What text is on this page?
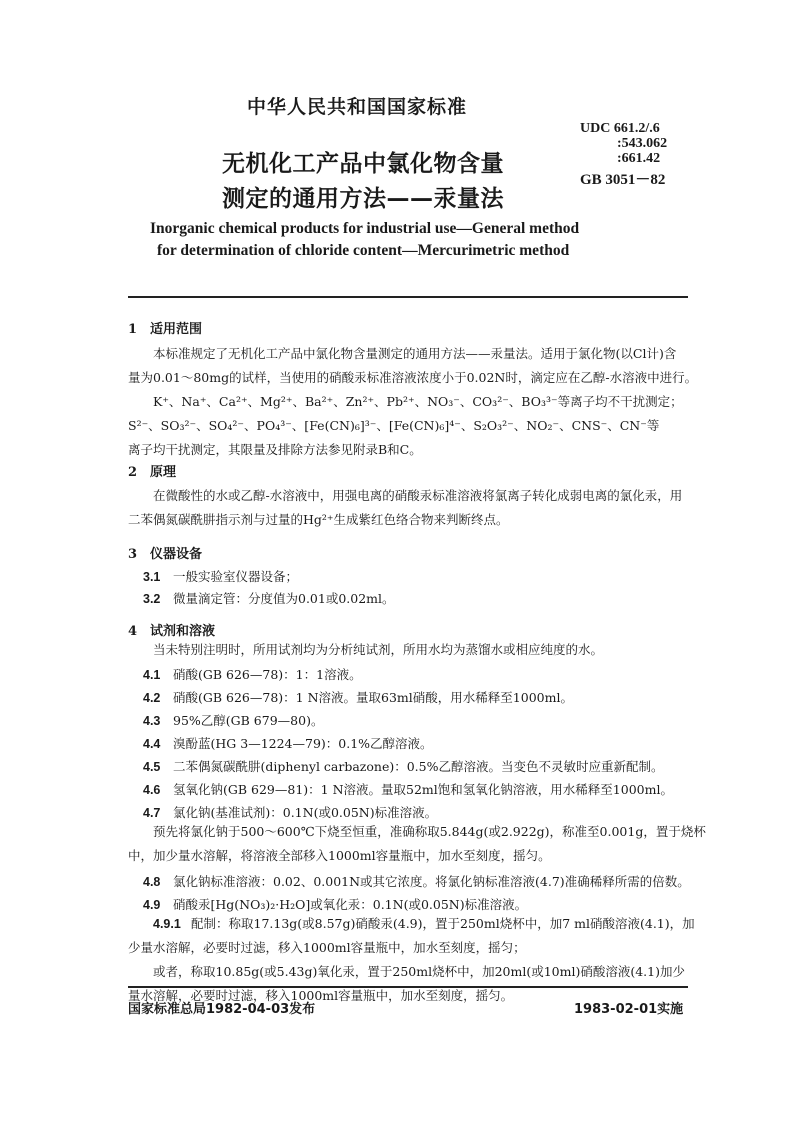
中华人民共和国国家标准
UDC 661.2/.6
:543.062
:661.42
GB 3051－82
无机化工产品中氯化物含量
测定的通用方法——汞量法
Inorganic chemical products for industrial use—General method
for determination of chloride content—Mercurimetric method
1 适用范围
本标准规定了无机化工产品中氯化物含量测定的通用方法——汞量法。适用于氯化物(以Cl计)含
量为0.01～80mg的试样，当使用的硝酸汞标准溶液浓度小于0.02N时，滴定应在乙醇-水溶液中进行。
K⁺、Na⁺、Ca²⁺、Mg²⁺、Ba²⁺、Zn²⁺、Pb²⁺、NO₃⁻、CO₃²⁻、BO₃³⁻等离子均不干扰测定；
S²⁻、SO₃²⁻、SO₄²⁻、PO₄³⁻、[Fe(CN)₆]³⁻、[Fe(CN)₆]⁴⁻、S₂O₃²⁻、NO₂⁻、CNS⁻、CN⁻等
离子均干扰测定，其限量及排除方法参见附录B和C。
2 原理
在微酸性的水或乙醇-水溶液中，用强电离的硝酸汞标准溶液将氯离子转化成弱电离的氯化汞，用
二苯偶氮碳酰肼指示剂与过量的Hg²⁺生成紫红色络合物来判断终点。
3 仪器设备
3.1 一般实验室仪器设备；
3.2 微量滴定管：分度值为0.01或0.02ml。
4 试剂和溶液
当未特别注明时，所用试剂均为分析纯试剂，所用水均为蒸馏水或相应纯度的水。
4.1 硝酸(GB 626—78)：1：1溶液。
4.2 硝酸(GB 626—78)：1 N溶液。量取63ml硝酸，用水稀释至1000ml。
4.3 95%乙醇(GB 679—80)。
4.4 溴酚蓝(HG 3—1224—79)：0.1%乙醇溶液。
4.5 二苯偶氮碳酰肼(diphenyl carbazone)：0.5%乙醇溶液。当变色不灵敏时应重新配制。
4.6 氢氧化钠(GB 629—81)：1 N溶液。量取52ml饱和氢氧化钠溶液，用水稀释至1000ml。
4.7 氯化钠(基准试剂)：0.1N(或0.05N)标准溶液。
预先将氯化钠于500～600℃下烧至恒重，准确称取5.844g(或2.922g)，称准至0.001g，置于烧杯
中，加少量水溶解，将溶液全部移入1000ml容量瓶中，加水至刻度，摇匀。
4.8 氯化钠标准溶液：0.02、0.001N或其它浓度。将氯化钠标准溶液(4.7)准确稀释所需的倍数。
4.9 硝酸汞[Hg(NO₃)₂·H₂O]或氧化汞：0.1N(或0.05N)标准溶液。
4.9.1 配制：称取17.13g(或8.57g)硝酸汞(4.9)，置于250ml烧杯中，加7 ml硝酸溶液(4.1)，加
少量水溶解，必要时过滤，移入1000ml容量瓶中，加水至刻度，摇匀；
或者，称取10.85g(或5.43g)氧化汞，置于250ml烧杯中，加20ml(或10ml)硝酸溶液(4.1)加少
量水溶解，必要时过滤，移入1000ml容量瓶中，加水至刻度，摇匀。
国家标准总局1982-04-03发布	1983-02-01实施
